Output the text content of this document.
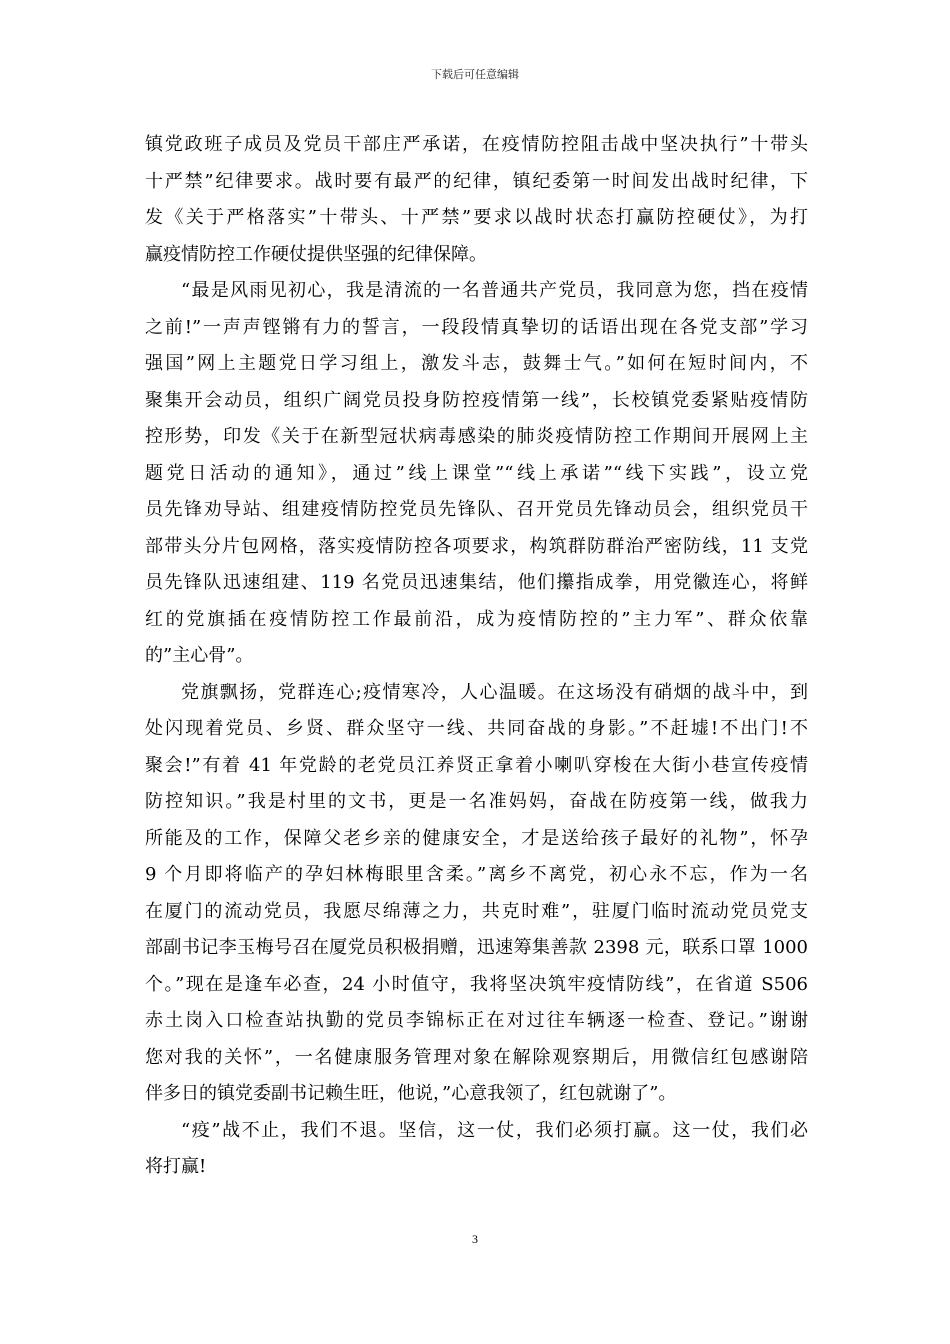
下载后可任意编辑
镇党政班子成员及党员干部庄严承诺，在疫情防控阻击战中坚决执行”十带头
十严禁”纪律要求。战时要有最严的纪律，镇纪委第一时间发出战时纪律，下
发《关于严格落实”十带头、十严禁”要求以战时状态打赢防控硬仗》，为打
赢疫情防控工作硬仗提供坚强的纪律保障。
“最是风雨见初心，我是清流的一名普通共产党员，我同意为您，挡在疫情
之前!”一声声铿锵有力的誓言，一段段情真挚切的话语出现在各党支部”学习
强国”网上主题党日学习组上，激发斗志，鼓舞士气。”如何在短时间内，不
聚集开会动员，组织广阔党员投身防控疫情第一线”，长校镇党委紧贴疫情防
控形势，印发《关于在新型冠状病毒感染的肺炎疫情防控工作期间开展网上主
题党日活动的通知》，通过”线上课堂”“线上承诺”“线下实践”，设立党
员先锋劝导站、组建疫情防控党员先锋队、召开党员先锋动员会，组织党员干
部带头分片包网格，落实疫情防控各项要求，构筑群防群治严密防线，11 支党
员先锋队迅速组建、119 名党员迅速集结，他们攥指成拳，用党徽连心，将鲜
红的党旗插在疫情防控工作最前沿，成为疫情防控的”主力军”、群众依靠
的”主心骨”。
党旗飘扬，党群连心;疫情寒冷，人心温暖。在这场没有硝烟的战斗中，到
处闪现着党员、乡贤、群众坚守一线、共同奋战的身影。”不赶墟!不出门!不
聚会!”有着 41 年党龄的老党员江养贤正拿着小喇叭穿梭在大街小巷宣传疫情
防控知识。”我是村里的文书，更是一名准妈妈，奋战在防疫第一线，做我力
所能及的工作，保障父老乡亲的健康安全，才是送给孩子最好的礼物”，怀孕
9 个月即将临产的孕妇林梅眼里含柔。”离乡不离党，初心永不忘，作为一名
在厦门的流动党员，我愿尽绵薄之力，共克时难”，驻厦门临时流动党员党支
部副书记李玉梅号召在厦党员积极捐赠，迅速筹集善款 2398 元，联系口罩 1000
个。”现在是逢车必查，24 小时值守，我将坚决筑牢疫情防线”，在省道 S506
赤土岗入口检查站执勤的党员李锦标正在对过往车辆逐一检查、登记。”谢谢
您对我的关怀”，一名健康服务管理对象在解除观察期后，用微信红包感谢陪
伴多日的镇党委副书记赖生旺，他说，”心意我领了，红包就谢了”。
“疫”战不止，我们不退。坚信，这一仗，我们必须打赢。这一仗，我们必
将打赢!
3
